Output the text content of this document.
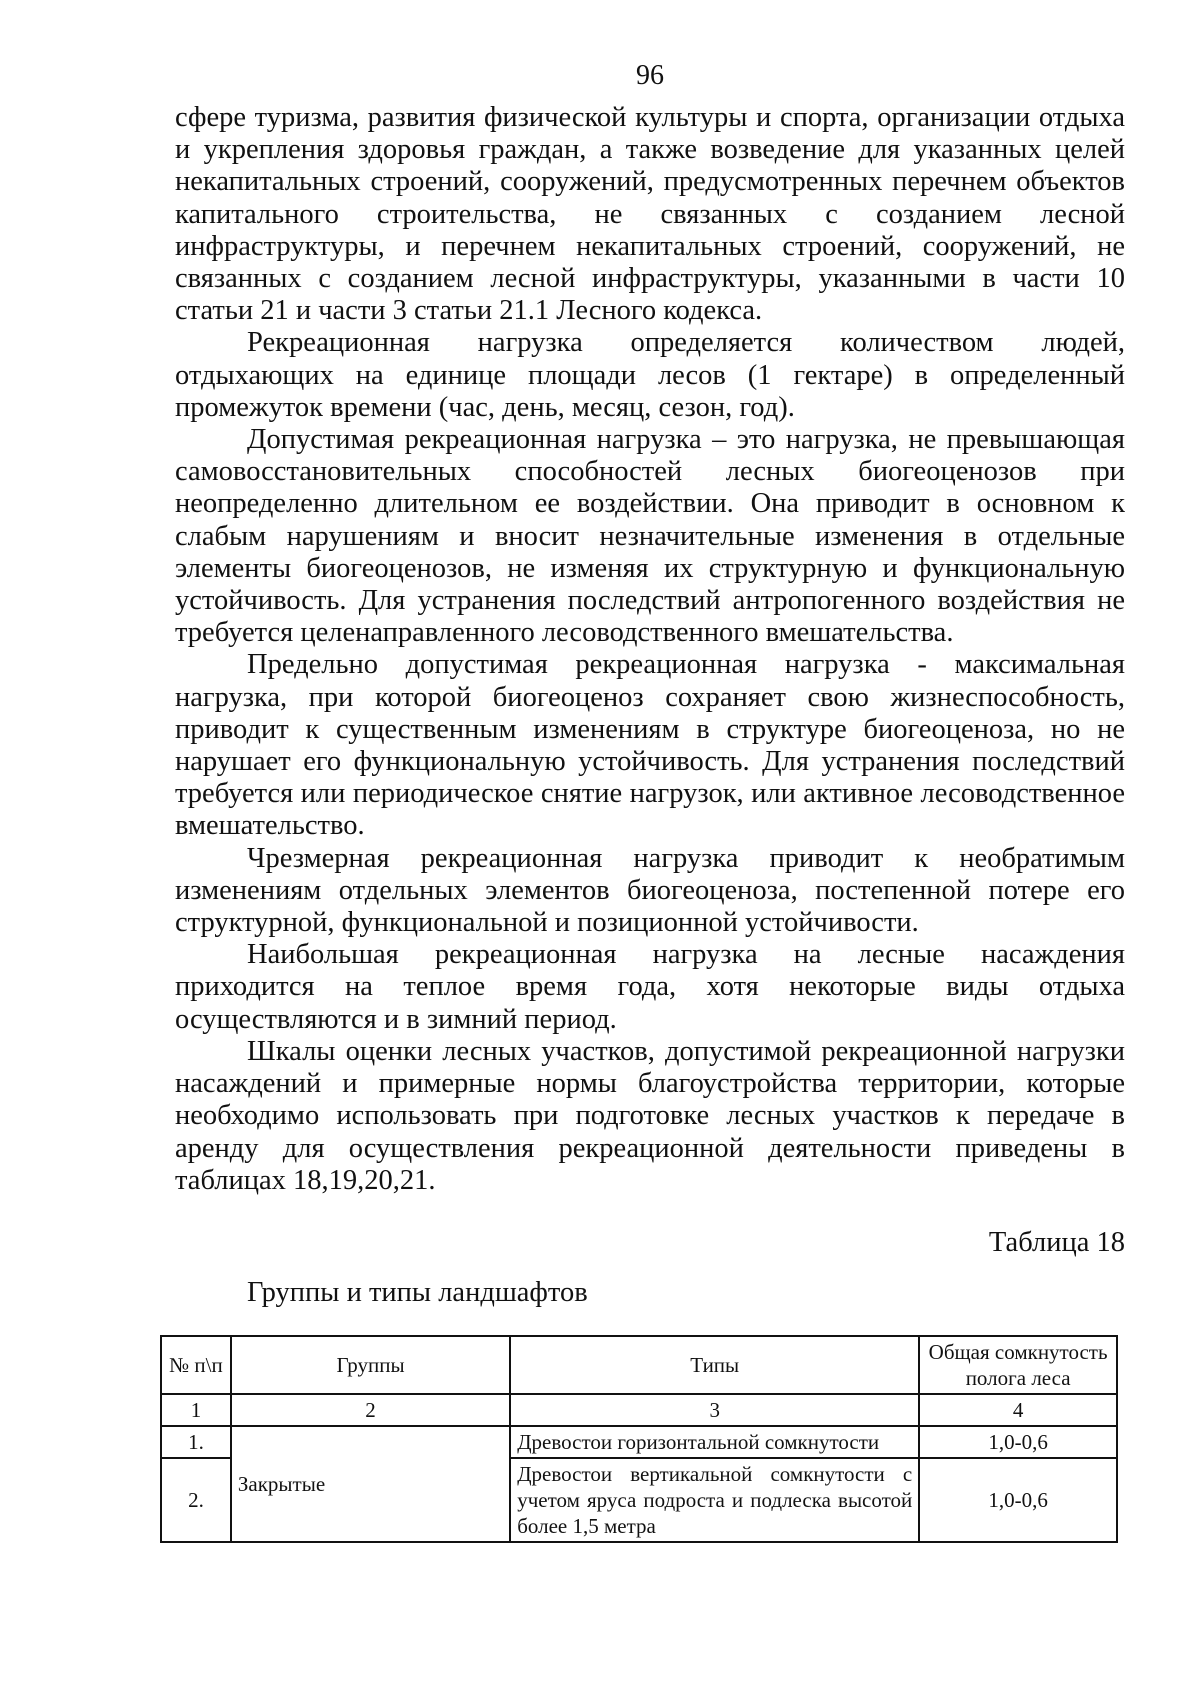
96

сфере туризма, развития физической культуры и спорта, организации отдыха и укрепления здоровья граждан, а также возведение для указанных целей некапитальных строений, сооружений, предусмотренных перечнем объектов капитального строительства, не связанных с созданием лесной инфраструктуры, и перечнем некапитальных строений, сооружений, не связанных с созданием лесной инфраструктуры, указанными в части 10 статьи 21 и части 3 статьи 21.1 Лесного кодекса.

Рекреационная нагрузка определяется количеством людей, отдыхающих на единице площади лесов (1 гектаре) в определенный промежуток времени (час, день, месяц, сезон, год).

Допустимая рекреационная нагрузка – это нагрузка, не превышающая самовосстановительных способностей лесных биогеоценозов при неопределенно длительном ее воздействии. Она приводит в основном к слабым нарушениям и вносит незначительные изменения в отдельные элементы биогеоценозов, не изменяя их структурную и функциональную устойчивость. Для устранения последствий антропогенного воздействия не требуется целенаправленного лесоводственного вмешательства.

Предельно допустимая рекреационная нагрузка - максимальная нагрузка, при которой биогеоценоз сохраняет свою жизнеспособность, приводит к существенным изменениям в структуре биогеоценоза, но не нарушает его функциональную устойчивость. Для устранения последствий требуется или периодическое снятие нагрузок, или активное лесоводственное вмешательство.

Чрезмерная рекреационная нагрузка приводит к необратимым изменениям отдельных элементов биогеоценоза, постепенной потере его структурной, функциональной и позиционной устойчивости.

Наибольшая рекреационная нагрузка на лесные насаждения приходится на теплое время года, хотя некоторые виды отдыха осуществляются и в зимний период.

Шкалы оценки лесных участков, допустимой рекреационной нагрузки насаждений и примерные нормы благоустройства территории, которые необходимо использовать при подготовке лесных участков к передаче в аренду для осуществления рекреационной деятельности приведены в таблицах 18,19,20,21.

Таблица 18
Группы и типы ландшафтов
№ п\п	Группы	Типы	Общая сомкнутость полога леса
1	2	3	4
1.	Закрытые	Древостои горизонтальной сомкнутости	1,0-0,6
2.		Древостои вертикальной сомкнутости с учетом яруса подроста и подлеска высотой более 1,5 метра	1,0-0,6
